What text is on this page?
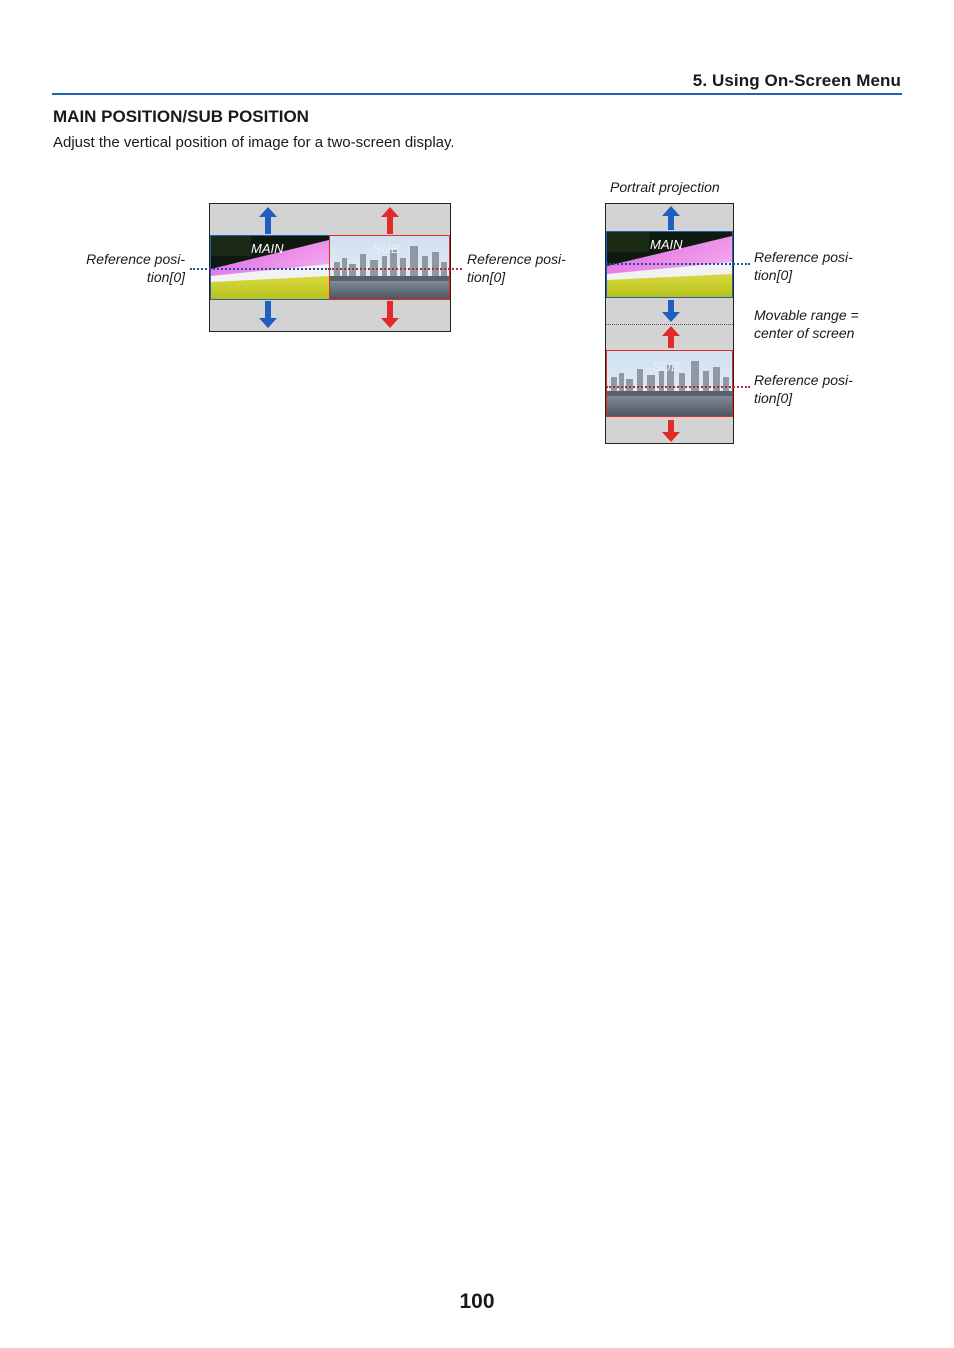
5. Using On-Screen Menu
MAIN POSITION/SUB POSITION
Adjust the vertical position of image for a two-screen display.
Reference posi-
tion[0]
MAIN	SUB
Reference posi-
tion[0]
Portrait projection
MAIN
SUB
Reference posi-
tion[0]
Movable range =
center of screen
Reference posi-
tion[0]
100
